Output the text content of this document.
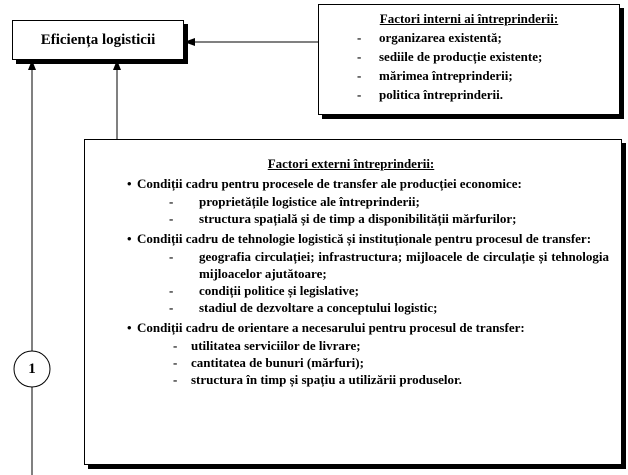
1
Eficiența logisticii
Factori interni ai întreprinderii:
- organizarea existentă;
- sediile de producție existente;
- mărimea întreprinderii;
- politica întreprinderii.
Factori externi întreprinderii:
• Condiții cadru pentru procesele de transfer ale producției economice:
- proprietățile logistice ale întreprinderii;
- structura spațială și de timp a disponibilității mărfurilor;
• Condiții cadru de tehnologie logistică și instituționale pentru procesul de transfer:
- geografia circulației; infrastructura; mijloacele de circulație și tehnologia mijloacelor ajutătoare;
- condiții politice și legislative;
- stadiul de dezvoltare a conceptului logistic;
• Condiții cadru de orientare a necesarului pentru procesul de transfer:
- utilitatea serviciilor de livrare;
- cantitatea de bunuri (mărfuri);
- structura în timp și spațiu a utilizării produselor.
